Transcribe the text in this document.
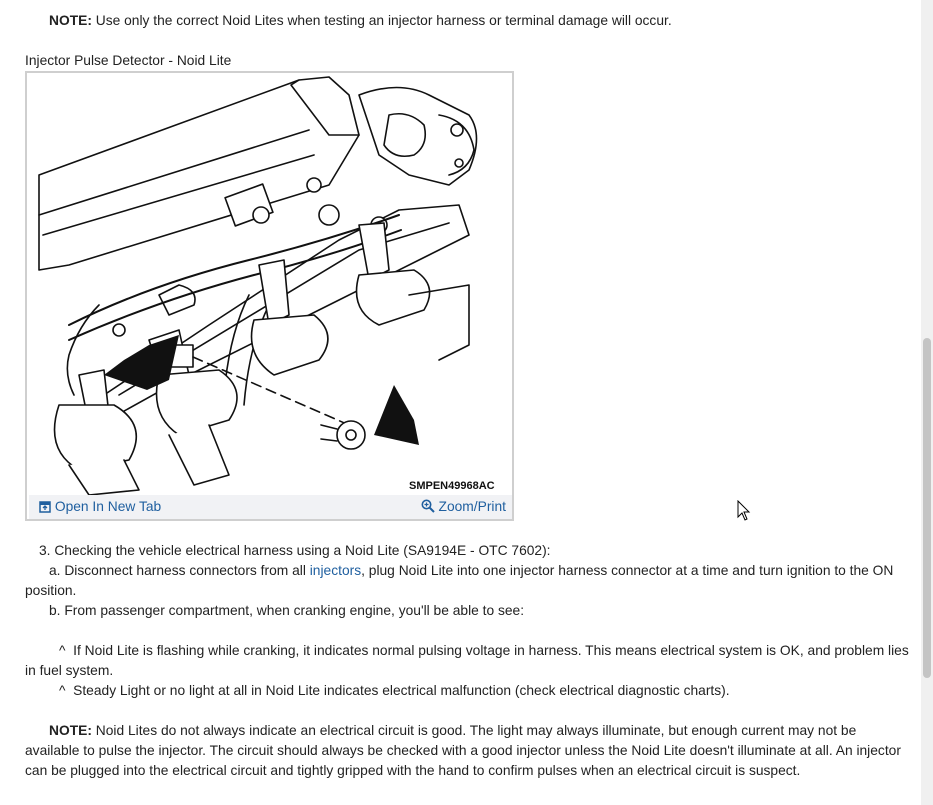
NOTE: Use only the correct Noid Lites when testing an injector harness or terminal damage will occur.
Injector Pulse Detector - Noid Lite
SMPEN49968AC
Open In New Tab	Zoom/Print
3. Checking the vehicle electrical harness using a Noid Lite (SA9194E - OTC 7602):
a. Disconnect harness connectors from all injectors, plug Noid Lite into one injector harness connector at a time and turn ignition to the ON position.
b. From passenger compartment, when cranking engine, you'll be able to see:
^  If Noid Lite is flashing while cranking, it indicates normal pulsing voltage in harness. This means electrical system is OK, and problem lies in fuel system.
^  Steady Light or no light at all in Noid Lite indicates electrical malfunction (check electrical diagnostic charts).
NOTE: Noid Lites do not always indicate an electrical circuit is good. The light may always illuminate, but enough current may not be available to pulse the injector. The circuit should always be checked with a good injector unless the Noid Lite doesn't illuminate at all. An injector can be plugged into the electrical circuit and tightly gripped with the hand to confirm pulses when an electrical circuit is suspect.
